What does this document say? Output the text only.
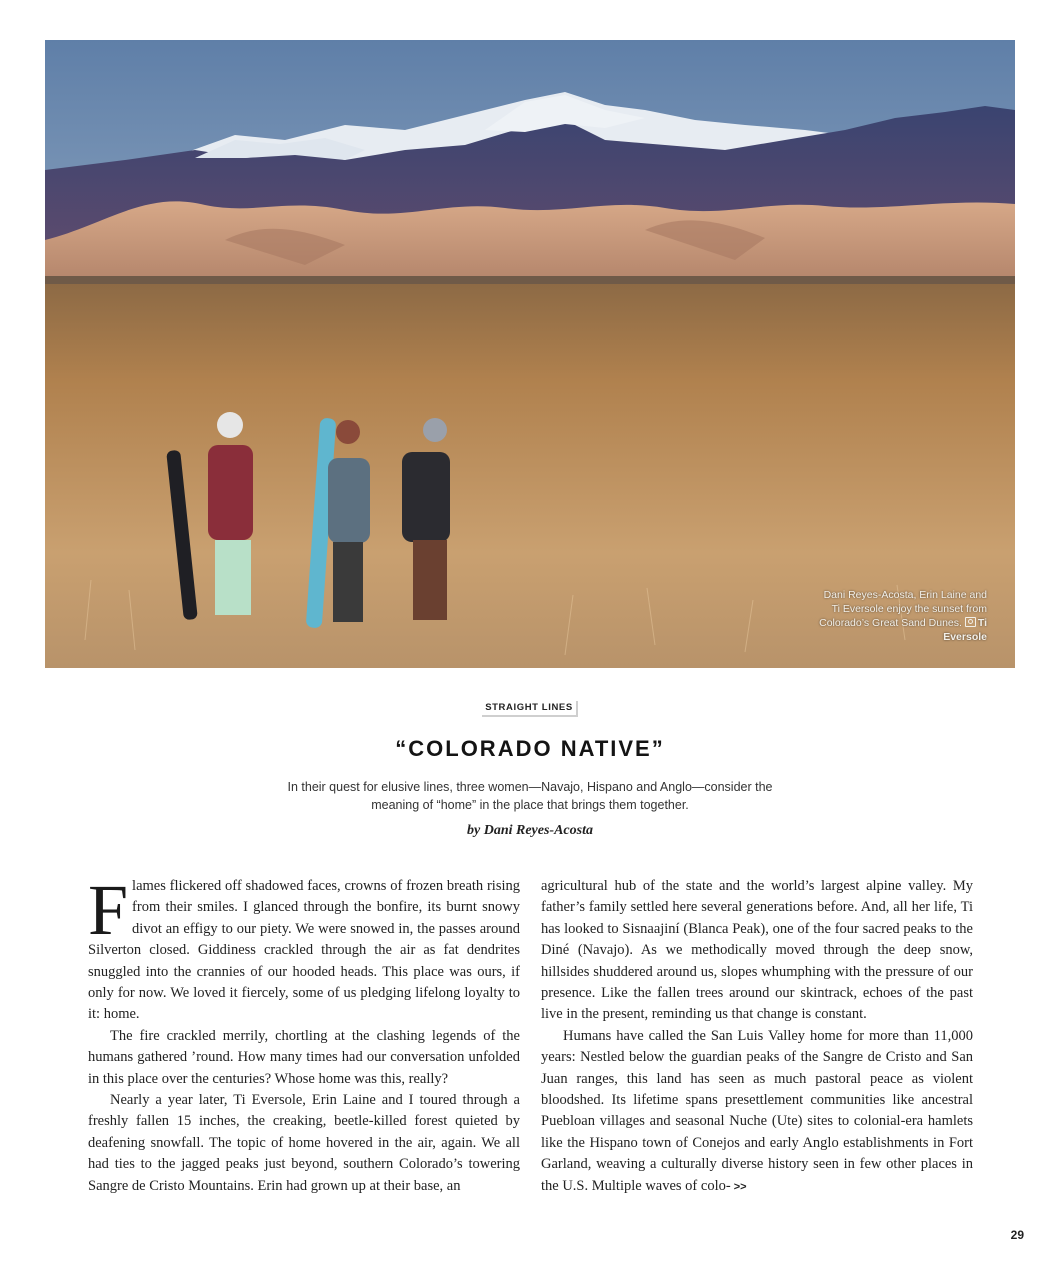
Dani Reyes-Acosta, Erin Laine and Ti Eversole enjoy the sunset from Colorado’s Great Sand Dunes. Ti Eversole
STRAIGHT LINES
“COLORADO NATIVE”
In their quest for elusive lines, three women—Navajo, Hispano and Anglo—consider the meaning of “home” in the place that brings them together.
by Dani Reyes-Acosta

Flames flickered off shadowed faces, crowns of frozen breath rising from their smiles. I glanced through the bonfire, its burnt snowy divot an effigy to our piety. We were snowed in, the passes around Silverton closed. Giddiness crackled through the air as fat dendrites snuggled into the crannies of our hooded heads. This place was ours, if only for now. We loved it fiercely, some of us pledging lifelong loyalty to it: home.

The fire crackled merrily, chortling at the clashing legends of the humans gathered ’round. How many times had our conversation unfolded in this place over the centuries? Whose home was this, really?

Nearly a year later, Ti Eversole, Erin Laine and I toured through a freshly fallen 15 inches, the creaking, beetle-killed forest quieted by deafening snowfall. The topic of home hovered in the air, again. We all had ties to the jagged peaks just beyond, southern Colorado’s towering Sangre de Cristo Mountains. Erin had grown up at their base, an

agricultural hub of the state and the world’s largest alpine valley. My father’s family settled here several generations before. And, all her life, Ti has looked to Sisnaajiní (Blanca Peak), one of the four sacred peaks to the Diné (Navajo). As we methodically moved through the deep snow, hillsides shuddered around us, slopes whumphing with the pressure of our presence. Like the fallen trees around our skintrack, echoes of the past live in the present, reminding us that change is constant.

Humans have called the San Luis Valley home for more than 11,000 years: Nestled below the guardian peaks of the Sangre de Cristo and San Juan ranges, this land has seen as much pastoral peace as violent bloodshed. Its lifetime spans presettlement communities like ancestral Puebloan villages and seasonal Nuche (Ute) sites to colonial-era hamlets like the Hispano town of Conejos and early Anglo establishments in Fort Garland, weaving a culturally diverse history seen in few other places in the U.S. Multiple waves of colo- >>

29
